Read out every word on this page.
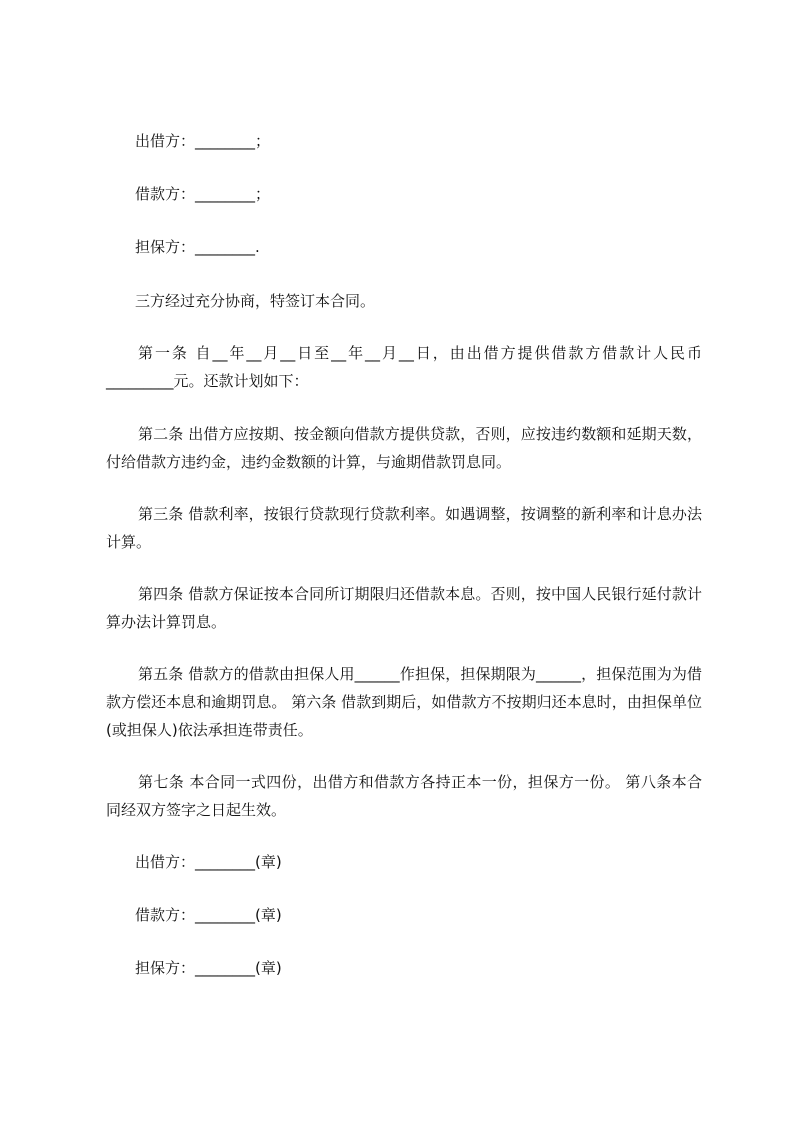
出借方：________；
借款方：________；
担保方：________.
三方经过充分协商，特签订本合同。
第一条 自__年__月__日至__年__月__日，由出借方提供借款方借款计人民币_________元。还款计划如下：
第二条 出借方应按期、按金额向借款方提供贷款，否则，应按违约数额和延期天数，付给借款方违约金，违约金数额的计算，与逾期借款罚息同。
第三条 借款利率，按银行贷款现行贷款利率。如遇调整，按调整的新利率和计息办法计算。
第四条 借款方保证按本合同所订期限归还借款本息。否则，按中国人民银行延付款计算办法计算罚息。
第五条 借款方的借款由担保人用______作担保，担保期限为______，担保范围为为借款方偿还本息和逾期罚息。 第六条 借款到期后，如借款方不按期归还本息时，由担保单位(或担保人)依法承担连带责任。
第七条 本合同一式四份，出借方和借款方各持正本一份，担保方一份。 第八条本合同经双方签字之日起生效。
出借方：________(章)
借款方：________(章)
担保方：________(章)
